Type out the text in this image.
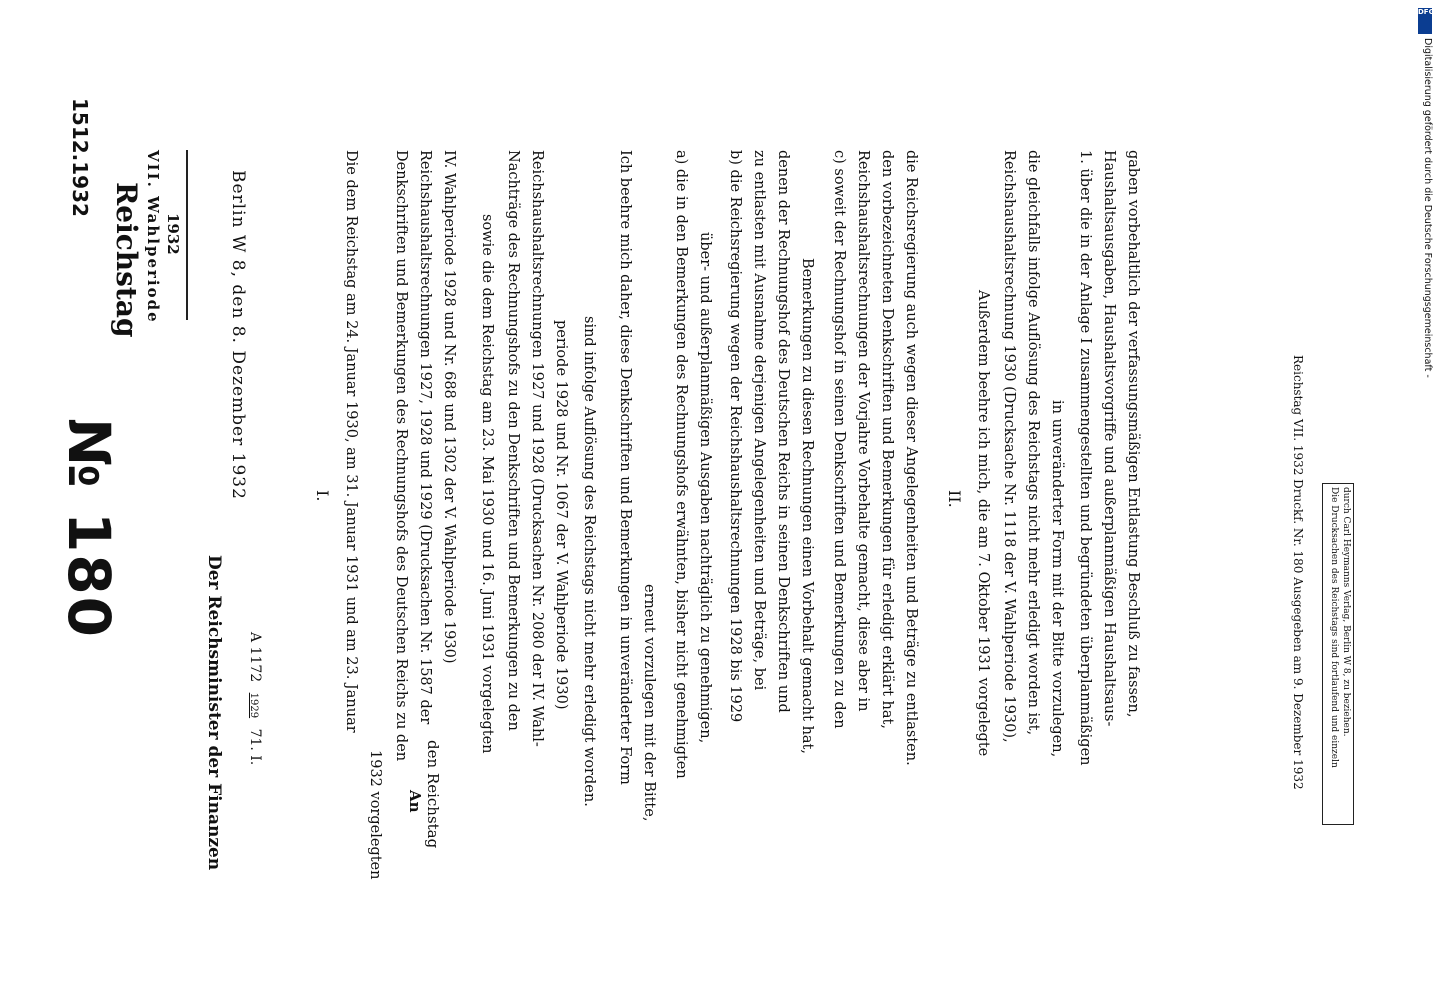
1512.1932
№ 180
Reichstag VII. Wahlperiode 1932
Der Reichsminister der Finanzen A 1172 1929 71. I.
Berlin W 8, den 8. Dezember 1932	I. Die dem Reichstag am 24. Januar 1930, am 31. Januar 1931 und am 23. Januar
1932 vorgelegten
Denkschriften und Bemerkungen des Rechnungshofs des Deutschen Reichs zu den Reichshaushaltsrechnungen 1927, 1928 und 1929 (Drucksachen Nr. 1587 der IV. Wahlperiode 1928 und Nr. 688 und 1302 der V. Wahlperiode 1930) sowie die dem Reichstag am 23. Mai 1930 und 16. Juni 1931 vorgelegten Nachträge des Rechnungshofs zu den Denkschriften und Bemerkungen zu den Reichshaushaltsrechnungen 1927 und 1928 (Drucksachen Nr. 2080 der IV. Wahl- periode 1928 und Nr. 1067 der V. Wahlperiode 1930) sind infolge Auflösung des Reichstags nicht mehr erledigt worden. Ich beehre mich daher, diese Denkschriften und Bemerkungen in unveränderter Form erneut vorzulegen mit der Bitte, a) die in den Bemerkungen des Rechnungshofs erwähnten, bisher nicht genehmigten über- und außerplanmäßigen Ausgaben nachträglich zu genehmigen, b) die Reichsregierung wegen der Reichshaushaltsrechnungen 1928 bis 1929 zu entlasten mit Ausnahme derjenigen Angelegenheiten und Beträge, bei denen der Rechnungshof des Deutschen Reichs in seinen Denkschriften und Bemerkungen zu diesen Rechnungen einen Vorbehalt gemacht hat, c) soweit der Rechnungshof in seinen Denkschriften und Bemerkungen zu den Reichshaushaltsrechnungen der Vorjahre Vorbehalte gemacht, diese aber in den vorbezeichneten Denkschriften und Bemerkungen für erledigt erklärt hat, die Reichsregierung auch wegen dieser Angelegenheiten und Beträge zu entlasten. II. Außerdem beehre ich mich, die am 7. Oktober 1931 vorgelegte Reichshaushaltsrechnung 1930 (Drucksache Nr. 1118 der V. Wahlperiode 1930), die gleichfalls infolge Auflösung des Reichstags nicht mehr erledigt worden ist, in unveränderter Form mit der Bitte vorzulegen, 1. über die in der Anlage I zusammengestellten und begründeten überplanmäßigen Haushaltsausgaben, Haushaltsvorgriffe und außerplanmäßigen Haushaltsaus- gaben vorbehaltlich der verfassungsmäßigen Entlastung Beschluß zu fassen,
An den Reichstag
Reichstag VII. 1932 Druckf. Nr. 180 Ausgegeben am 9. Dezember 1932	Die Drucksachen des Reichstags sind fortlaufend und einzeln durch Carl Heymanns Verlag, Berlin W 8, zu beziehen.
DFG
Digitalisierung gefördert durch die Deutsche Forschungsgemeinschaft -
